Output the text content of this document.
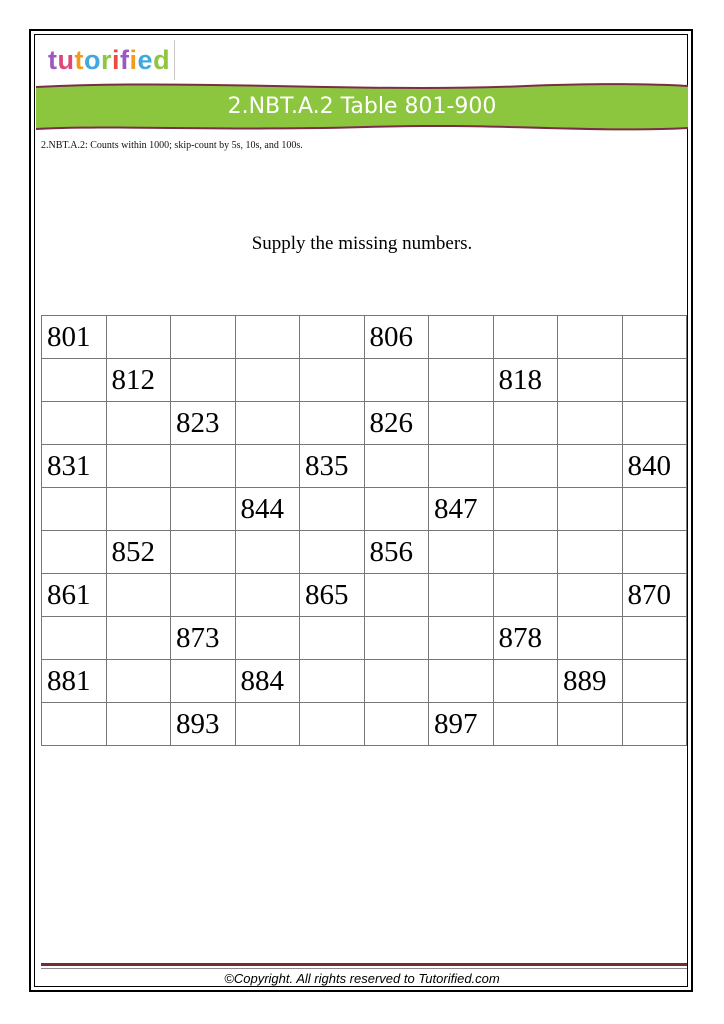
tutorified
2.NBT.A.2 Table 801-900
2.NBT.A.2: Counts within 1000; skip-count by 5s, 10s, and 100s.
Supply the missing numbers.
801					806				
	812						818		
		823			826				
831				835					840
			844			847			
	852				856				
861				865					870
		873					878		
881			884					889	
		893				897			
©Copyright. All rights reserved to Tutorified.com
